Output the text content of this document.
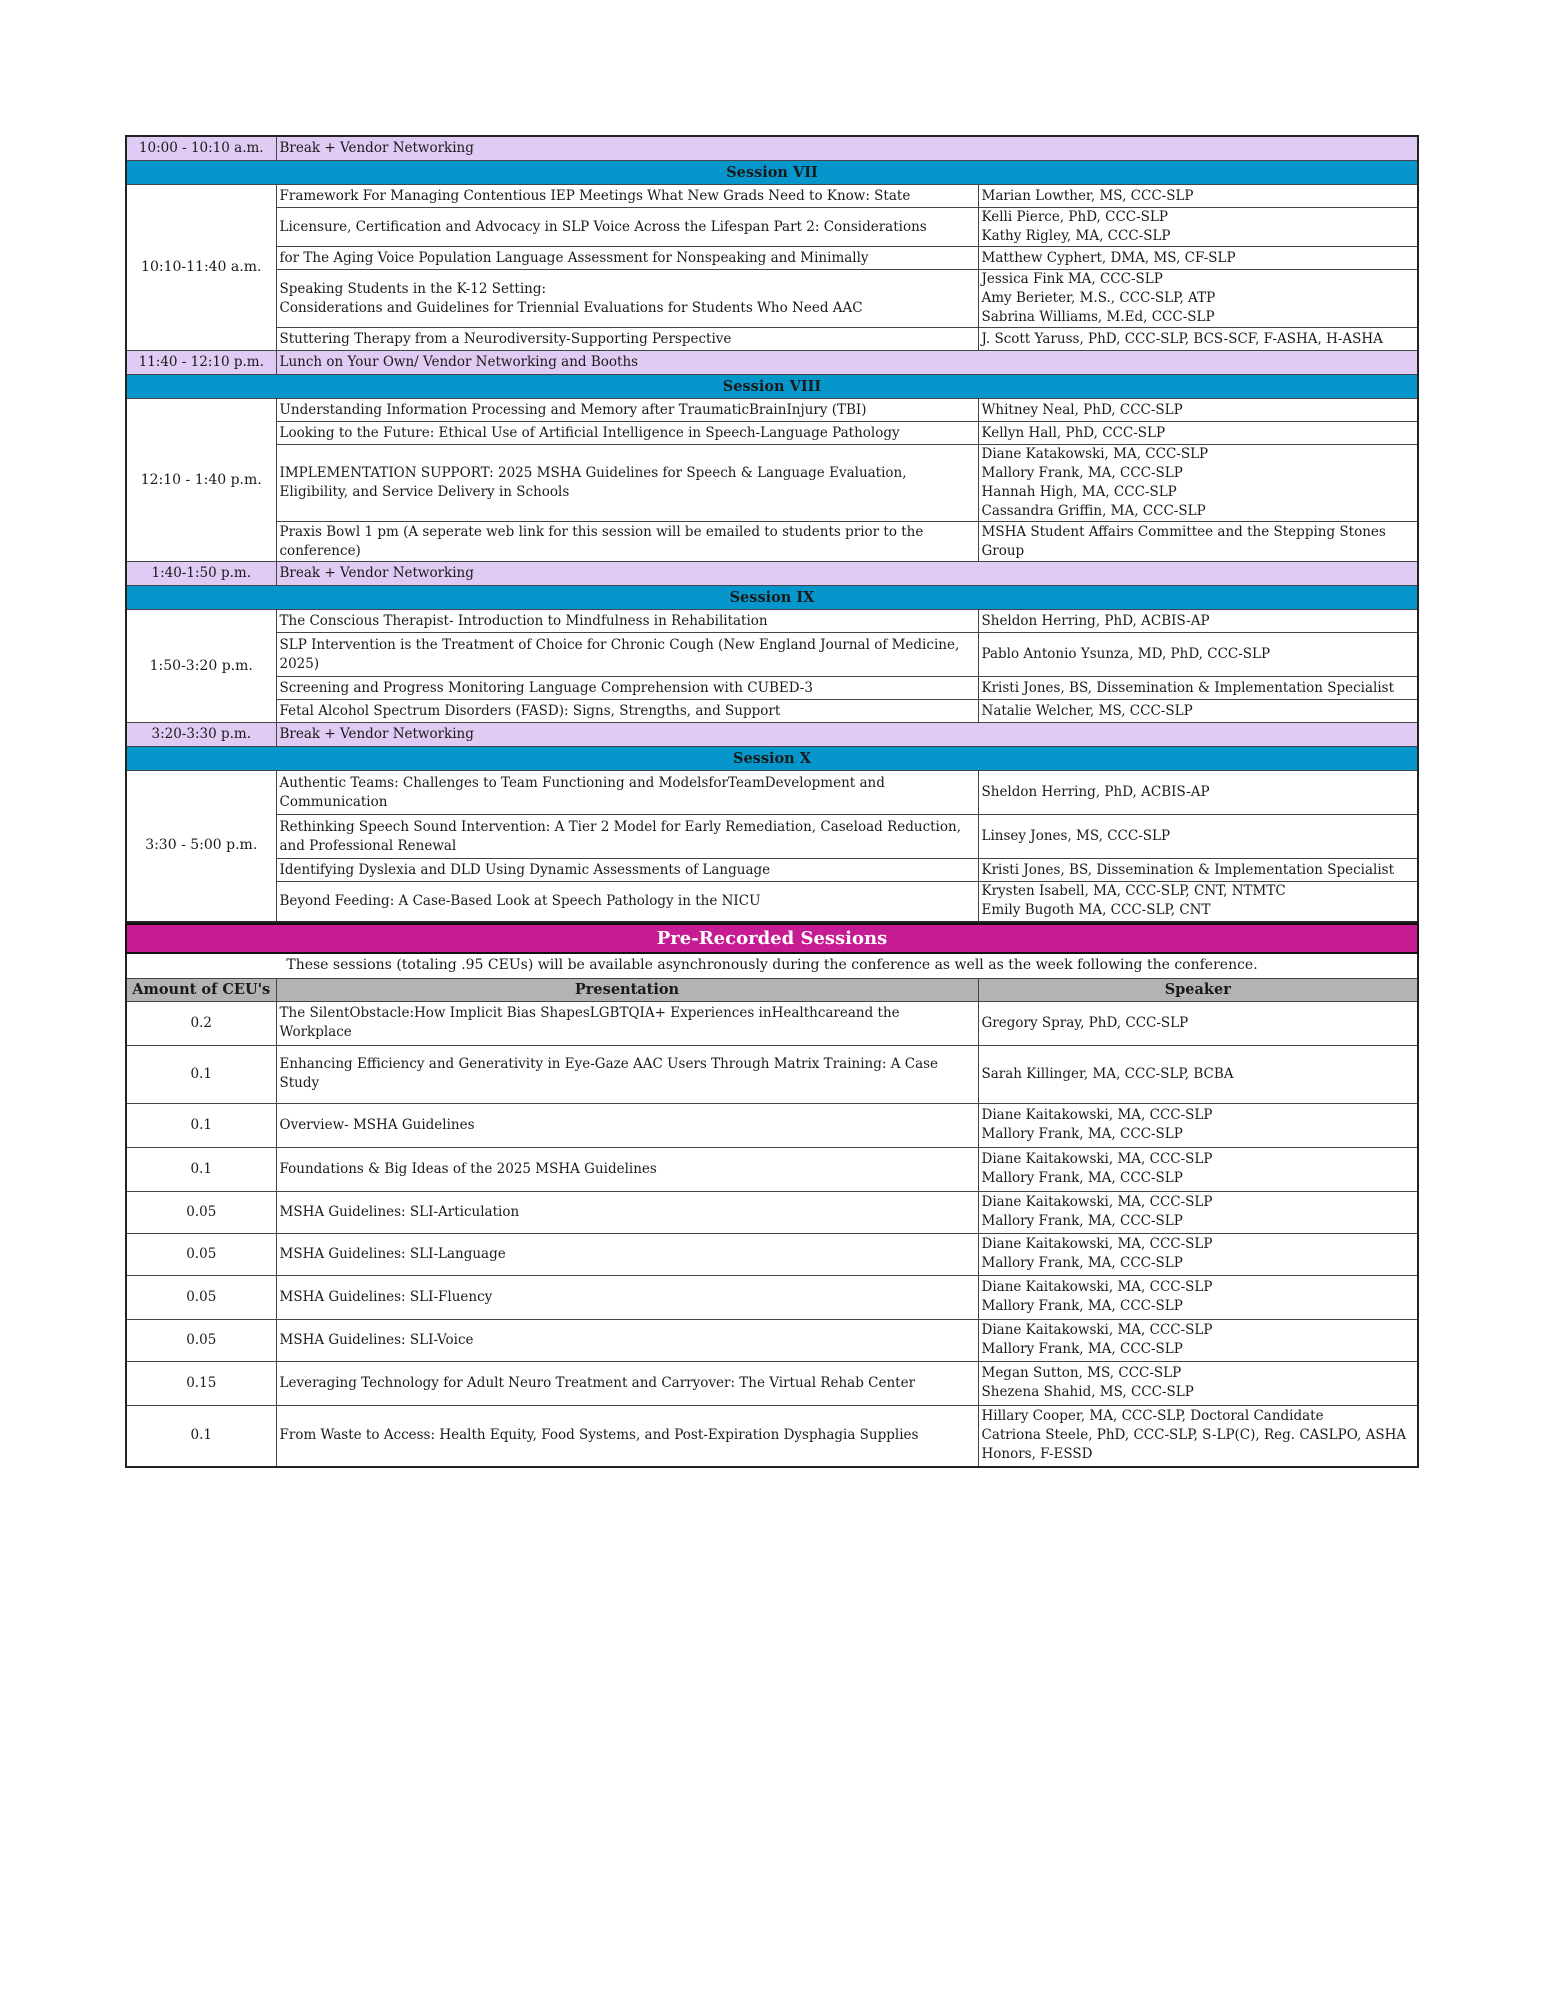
10:00 - 10:10 a.m.	Break + Vendor Networking	
Session VII		
10:10-11:40 a.m.	Framework For Managing Contentious IEP Meetings What New Grads Need to Know: State	Marian Lowther, MS, CCC-SLP
	Licensure, Certification and Advocacy in SLP Voice Across the Lifespan Part 2: Considerations	Kelli Pierce, PhD, CCC-SLP
Kathy Rigley, MA, CCC-SLP
	for The Aging Voice Population Language Assessment for Nonspeaking and Minimally	Matthew Cyphert, DMA, MS, CF-SLP
	Speaking Students in the K-12 Setting:
Considerations and Guidelines for Triennial Evaluations for Students Who Need AAC	Jessica Fink MA, CCC-SLP
Amy Berieter, M.S., CCC-SLP, ATP
Sabrina Williams, M.Ed, CCC-SLP
	Stuttering Therapy from a Neurodiversity-Supporting Perspective	J. Scott Yaruss, PhD, CCC-SLP, BCS-SCF, F-ASHA, H-ASHA
11:40 - 12:10 p.m.	Lunch on Your Own/ Vendor Networking and Booths	
Session VIII		
12:10 - 1:40 p.m.	Understanding Information Processing and Memory after TraumaticBrainInjury (TBI)	Whitney Neal, PhD, CCC-SLP
	Looking to the Future: Ethical Use of Artificial Intelligence in Speech-Language Pathology	Kellyn Hall, PhD, CCC-SLP
	IMPLEMENTATION SUPPORT: 2025 MSHA Guidelines for Speech & Language Evaluation,
Eligibility, and Service Delivery in Schools	Diane Katakowski, MA, CCC-SLP
Mallory Frank, MA, CCC-SLP
Hannah High, MA, CCC-SLP
Cassandra Griffin, MA, CCC-SLP
	Praxis Bowl 1 pm (A seperate web link for this session will be emailed to students prior to the conference)	MSHA Student Affairs Committee and the Stepping Stones Group
1:40-1:50 p.m.	Break + Vendor Networking	
Session IX		
1:50-3:20 p.m.	The Conscious Therapist- Introduction to Mindfulness in Rehabilitation	Sheldon Herring, PhD, ACBIS-AP
	SLP Intervention is the Treatment of Choice for Chronic Cough (New England Journal of Medicine, 2025)	Pablo Antonio Ysunza, MD, PhD, CCC-SLP
	Screening and Progress Monitoring Language Comprehension with CUBED-3	Kristi Jones, BS, Dissemination & Implementation Specialist
	Fetal Alcohol Spectrum Disorders (FASD): Signs, Strengths, and Support	Natalie Welcher, MS, CCC-SLP
3:20-3:30 p.m.	Break + Vendor Networking	
Session X		
3:30 - 5:00 p.m.	Authentic Teams: Challenges to Team Functioning and ModelsforTeamDevelopment and Communication	Sheldon Herring, PhD, ACBIS-AP
	Rethinking Speech Sound Intervention: A Tier 2 Model for Early Remediation, Caseload Reduction, and Professional Renewal	Linsey Jones, MS, CCC-SLP
	Identifying Dyslexia and DLD Using Dynamic Assessments of Language	Kristi Jones, BS, Dissemination & Implementation Specialist
	Beyond Feeding: A Case-Based Look at Speech Pathology in the NICU	Krysten Isabell, MA, CCC-SLP, CNT, NTMTC
Emily Bugoth MA, CCC-SLP, CNT
Pre-Recorded Sessions		
These sessions (totaling .95 CEUs) will be available asynchronously during the conference as well as the week following the conference.		
Amount of CEU's	Presentation	Speaker
0.2	The SilentObstacle:How Implicit Bias ShapesLGBTQIA+ Experiences inHealthcareand the Workplace	Gregory Spray, PhD, CCC-SLP
0.1	Enhancing Efficiency and Generativity in Eye-Gaze AAC Users Through Matrix Training: A Case Study	Sarah Killinger, MA, CCC-SLP, BCBA
0.1	Overview- MSHA Guidelines	Diane Kaitakowski, MA, CCC-SLP
Mallory Frank, MA, CCC-SLP
0.1	Foundations & Big Ideas of the 2025 MSHA Guidelines	Diane Kaitakowski, MA, CCC-SLP
Mallory Frank, MA, CCC-SLP
0.05	MSHA Guidelines: SLI-Articulation	Diane Kaitakowski, MA, CCC-SLP
Mallory Frank, MA, CCC-SLP
0.05	MSHA Guidelines: SLI-Language	Diane Kaitakowski, MA, CCC-SLP
Mallory Frank, MA, CCC-SLP
0.05	MSHA Guidelines: SLI-Fluency	Diane Kaitakowski, MA, CCC-SLP
Mallory Frank, MA, CCC-SLP
0.05	MSHA Guidelines: SLI-Voice	Diane Kaitakowski, MA, CCC-SLP
Mallory Frank, MA, CCC-SLP
0.15	Leveraging Technology for Adult Neuro Treatment and Carryover: The Virtual Rehab Center	Megan Sutton, MS, CCC-SLP
Shezena Shahid, MS, CCC-SLP
0.1	From Waste to Access: Health Equity, Food Systems, and Post-Expiration Dysphagia Supplies	Hillary Cooper, MA, CCC-SLP, Doctoral Candidate
Catriona Steele, PhD, CCC-SLP, S-LP(C), Reg. CASLPO, ASHA Honors, F-ESSD
